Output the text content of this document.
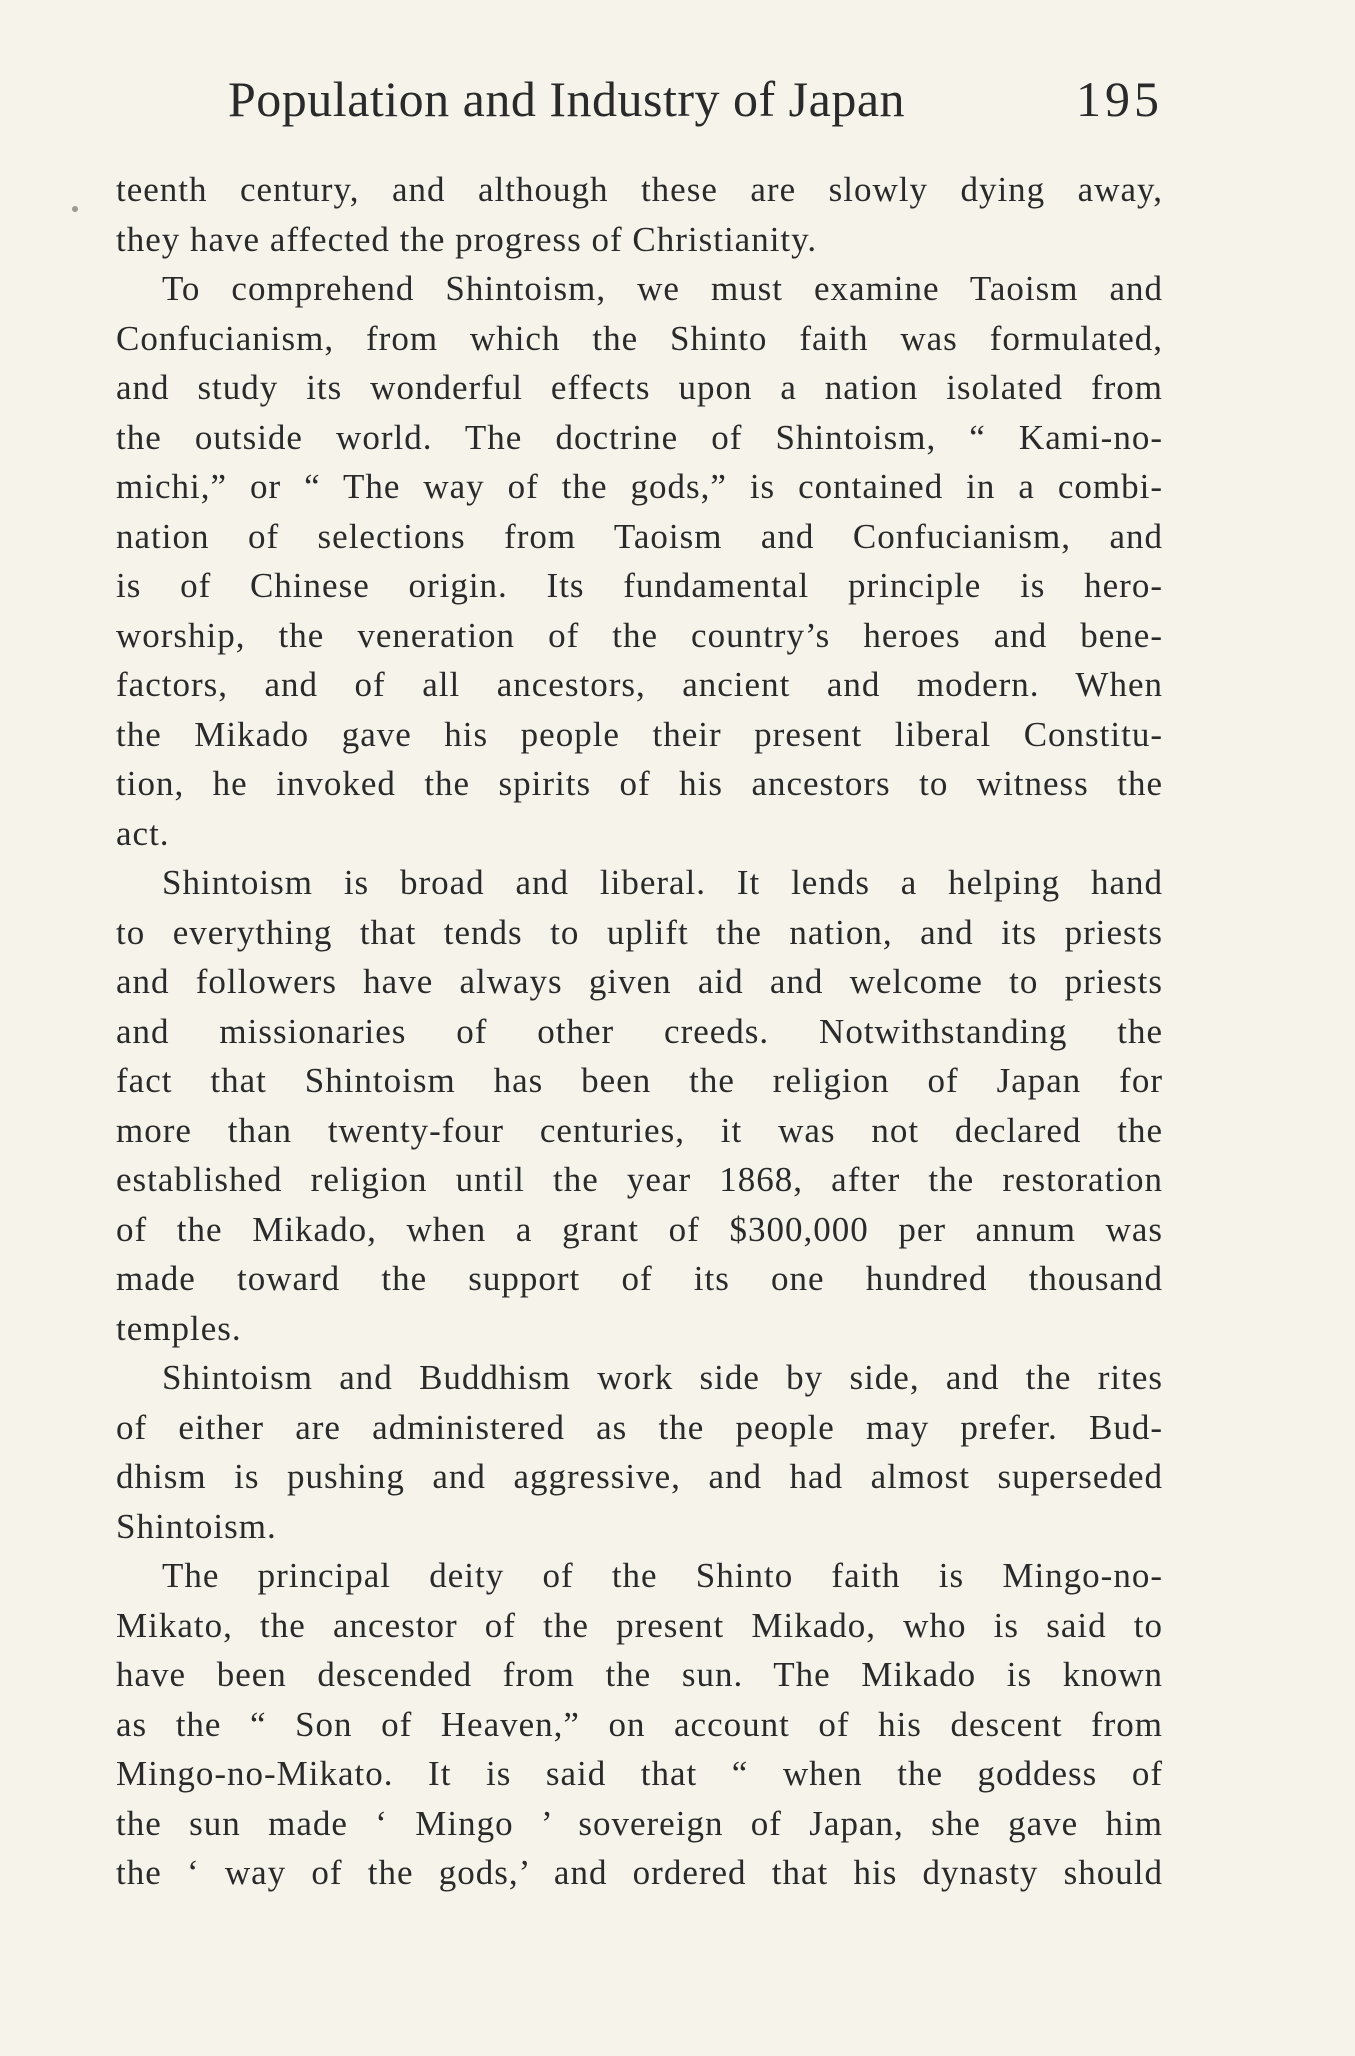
Population and Industry of Japan	195
teenth century, and although these are slowly dying away,
they have affected the progress of Christianity.
To comprehend Shintoism, we must examine Taoism and
Confucianism, from which the Shinto faith was formulated,
and study its wonderful effects upon a nation isolated from
the outside world. The doctrine of Shintoism, “ Kami-no-
michi,” or “ The way of the gods,” is contained in a combi-
nation of selections from Taoism and Confucianism, and
is of Chinese origin. Its fundamental principle is hero-
worship, the veneration of the country’s heroes and bene-
factors, and of all ancestors, ancient and modern. When
the Mikado gave his people their present liberal Constitu-
tion, he invoked the spirits of his ancestors to witness the
act.
Shintoism is broad and liberal. It lends a helping hand
to everything that tends to uplift the nation, and its priests
and followers have always given aid and welcome to priests
and missionaries of other creeds. Notwithstanding the
fact that Shintoism has been the religion of Japan for
more than twenty-four centuries, it was not declared the
established religion until the year 1868, after the restoration
of the Mikado, when a grant of $300,000 per annum was
made toward the support of its one hundred thousand
temples.
Shintoism and Buddhism work side by side, and the rites
of either are administered as the people may prefer. Bud-
dhism is pushing and aggressive, and had almost superseded
Shintoism.
The principal deity of the Shinto faith is Mingo-no-
Mikato, the ancestor of the present Mikado, who is said to
have been descended from the sun. The Mikado is known
as the “ Son of Heaven,” on account of his descent from
Mingo-no-Mikato. It is said that “ when the goddess of
the sun made ‘ Mingo ’ sovereign of Japan, she gave him
the ‘ way of the gods,’ and ordered that his dynasty should
